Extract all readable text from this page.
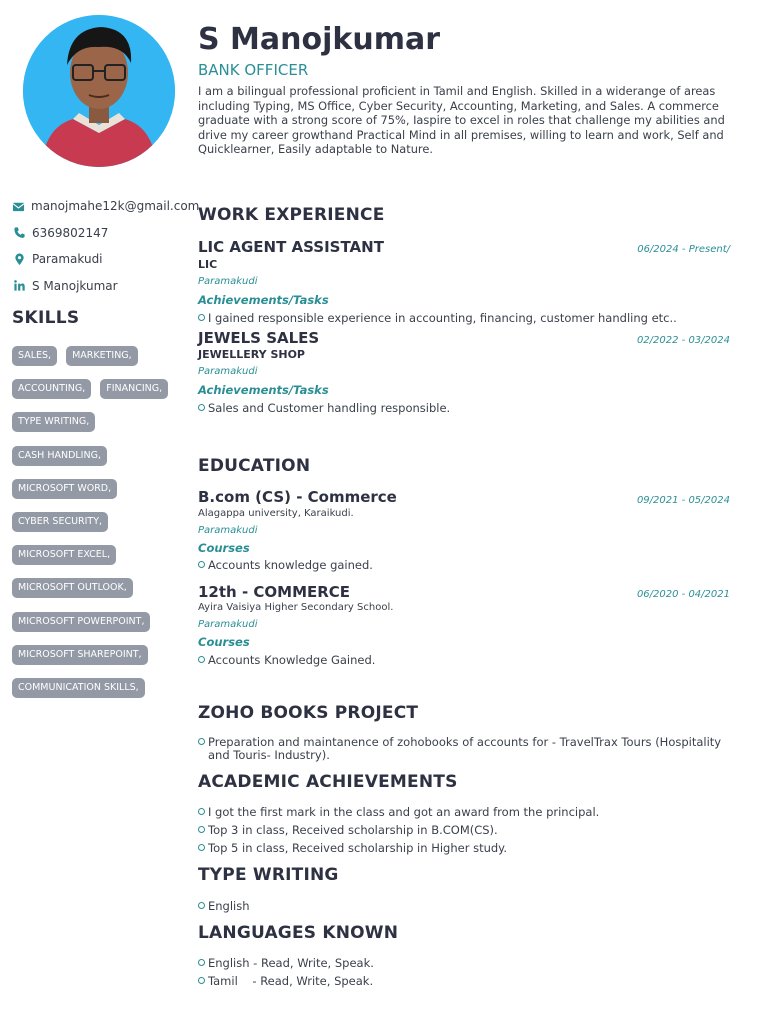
manojmahe12k@gmail.com
6369802147
Paramakudi
S Manojkumar
SKILLS
SALES,	MARKETING,
ACCOUNTING,	FINANCING,
TYPE WRITING,
CASH HANDLING,
MICROSOFT WORD,
CYBER SECURITY,
MICROSOFT EXCEL,
MICROSOFT OUTLOOK,
MICROSOFT POWERPOINT,
MICROSOFT SHAREPOINT,
COMMUNICATION SKILLS,
S Manojkumar
BANK OFFICER
I am a bilingual professional proficient in Tamil and English. Skilled in a widerange of areas including Typing, MS Office, Cyber Security, Accounting, Marketing, and Sales. A commerce graduate with a strong score of 75%, Iaspire to excel in roles that challenge my abilities and drive my career growthand Practical Mind in all premises, willing to learn and work, Self and Quicklearner, Easily adaptable to Nature.
WORK EXPERIENCE
LIC AGENT ASSISTANT	06/2024 - Present/
LIC
Paramakudi
Achievements/Tasks
I gained responsible experience in accounting, financing, customer handling etc..
JEWELS SALES	02/2022 - 03/2024
JEWELLERY SHOP
Paramakudi
Achievements/Tasks
Sales and Customer handling responsible.
EDUCATION
B.com (CS) - Commerce	09/2021 - 05/2024
Alagappa university, Karaikudi.
Paramakudi
Courses
Accounts knowledge gained.
12th - COMMERCE	06/2020 - 04/2021
Ayira Vaisiya Higher Secondary School.
Paramakudi
Courses
Accounts Knowledge Gained.
ZOHO BOOKS PROJECT
Preparation and maintanence of zohobooks of accounts for - TravelTrax Tours (Hospitality and Touris- Industry).
ACADEMIC ACHIEVEMENTS
I got the first mark in the class and got an award from the principal.
Top 3 in class, Received scholarship in B.COM(CS).
Top 5 in class, Received scholarship in Higher study.
TYPE WRITING
English
LANGUAGES KNOWN
English - Read, Write, Speak.
Tamil    - Read, Write, Speak.
